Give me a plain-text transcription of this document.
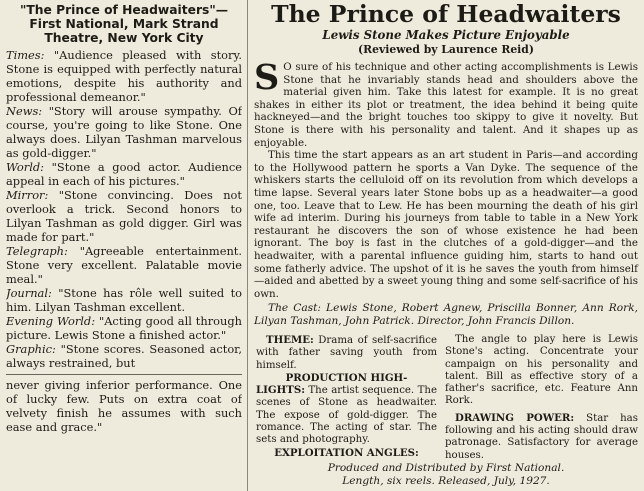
"The Prince of Headwaiters"—
First National, Mark Strand
Theatre, New York City

Times: "Audience pleased with story. Stone is equipped with perfectly natural emotions, despite his authority and professional demeanor."

News: "Story will arouse sympathy. Of course, you're going to like Stone. One always does. Lilyan Tashman marvelous as gold-digger."

World: "Stone a good actor. Audience appeal in each of his pictures."

Mirror: "Stone convincing. Does not overlook a trick. Second honors to Lilyan Tashman as gold digger. Girl was made for part."

Telegraph: "Agreeable entertainment. Stone very excellent. Palatable movie meal."

Journal: "Stone has rôle well suited to him. Lilyan Tashman excellent.

Evening World: "Acting good all through picture. Lewis Stone a finished actor."

Graphic: "Stone scores. Seasoned actor, always restrained, but

never giving inferior performance. One of lucky few. Puts on extra coat of velvety finish he assumes with such ease and grace."

The Prince of Headwaiters
Lewis Stone Makes Picture Enjoyable
(Reviewed by Laurence Reid)

S O sure of his technique and other acting accomplishments is Lewis Stone that he invariably stands head and shoulders above the material given him. Take this latest for example. It is no great shakes in either its plot or treatment, the idea behind it being quite hackneyed—and the bright touches too skippy to give it novelty. But Stone is there with his personality and talent. And it shapes up as enjoyable.

This time the start appears as an art student in Paris—and according to the Hollywood pattern he sports a Van Dyke. The sequence of the whiskers starts the celluloid off on its revolution from which develops a time lapse. Several years later Stone bobs up as a headwaiter—a good one, too. Leave that to Lew. He has been mourning the death of his girl wife ad interim. During his journeys from table to table in a New York restaurant he discovers the son of whose existence he had been ignorant. The boy is fast in the clutches of a gold-digger—and the headwaiter, with a parental influence guiding him, starts to hand out some fatherly advice. The upshot of it is he saves the youth from himself—aided and abetted by a sweet young thing and some self-sacrifice of his own.

The Cast: Lewis Stone, Robert Agnew, Priscilla Bonner, Ann Rork, Lilyan Tashman, John Patrick. Director, John Francis Dillon.

THEME: Drama of self-sacrifice with father saving youth from himself.

PRODUCTION HIGH-
LIGHTS: The artist sequence. The scenes of Stone as headwaiter. The expose of gold-digger. The romance. The acting of star. The sets and photography.

EXPLOITATION ANGLES:

The angle to play here is Lewis Stone's acting. Concentrate your campaign on his personality and talent. Bill as effective story of a father's sacrifice, etc. Feature Ann Rork.

DRAWING POWER: Star has following and his acting should draw patronage. Satisfactory for average houses.

Produced and Distributed by First National.
Length, six reels. Released, July, 1927.
